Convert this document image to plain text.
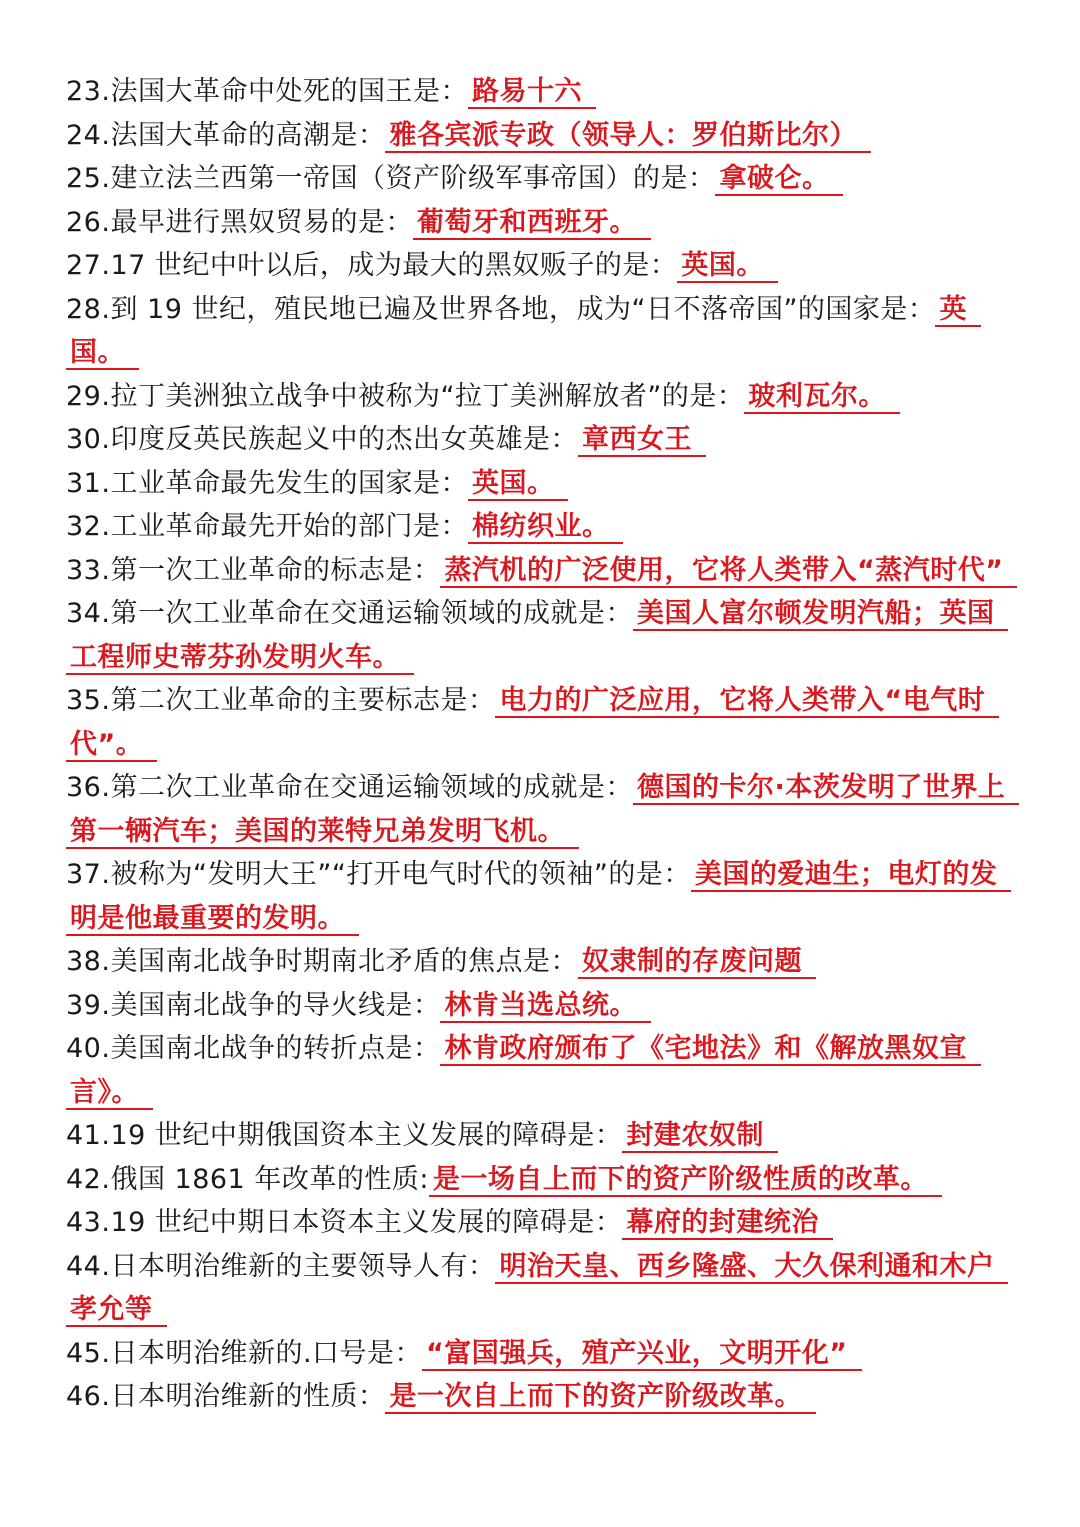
23.法国大革命中处死的国王是： 路易十六

24.法国大革命的高潮是： 雅各宾派专政（领导人：罗伯斯比尔）

25.建立法兰西第一帝国（资产阶级军事帝国）的是： 拿破仑。

26.最早进行黑奴贸易的是： 葡萄牙和西班牙。

27.17 世纪中叶以后，成为最大的黑奴贩子的是： 英国。

28.到 19 世纪，殖民地已遍及世界各地，成为“日不落帝国”的国家是： 英国。

29.拉丁美洲独立战争中被称为“拉丁美洲解放者”的是： 玻利瓦尔。

30.印度反英民族起义中的杰出女英雄是： 章西女王

31.工业革命最先发生的国家是： 英国。

32.工业革命最先开始的部门是： 棉纺织业。

33.第一次工业革命的标志是： 蒸汽机的广泛使用，它将人类带入“蒸汽时代”

34.第一次工业革命在交通运输领域的成就是： 美国人富尔顿发明汽船；英国工程师史蒂芬孙发明火车。

35.第二次工业革命的主要标志是： 电力的广泛应用，它将人类带入“电气时代”。

36.第二次工业革命在交通运输领域的成就是： 德国的卡尔·本茨发明了世界上第一辆汽车；美国的莱特兄弟发明飞机。

37.被称为“发明大王”“打开电气时代的领袖”的是： 美国的爱迪生；电灯的发明是他最重要的发明。

38.美国南北战争时期南北矛盾的焦点是： 奴隶制的存废问题

39.美国南北战争的导火线是： 林肯当选总统。

40.美国南北战争的转折点是： 林肯政府颁布了《宅地法》和《解放黑奴宣言》。

41.19 世纪中期俄国资本主义发展的障碍是： 封建农奴制

42.俄国 1861 年改革的性质: 是一场自上而下的资产阶级性质的改革。

43.19 世纪中期日本资本主义发展的障碍是： 幕府的封建统治

44.日本明治维新的主要领导人有： 明治天皇、西乡隆盛、大久保利通和木户孝允等

45.日本明治维新的.口号是： “富国强兵，殖产兴业，文明开化”

46.日本明治维新的性质： 是一次自上而下的资产阶级改革。
